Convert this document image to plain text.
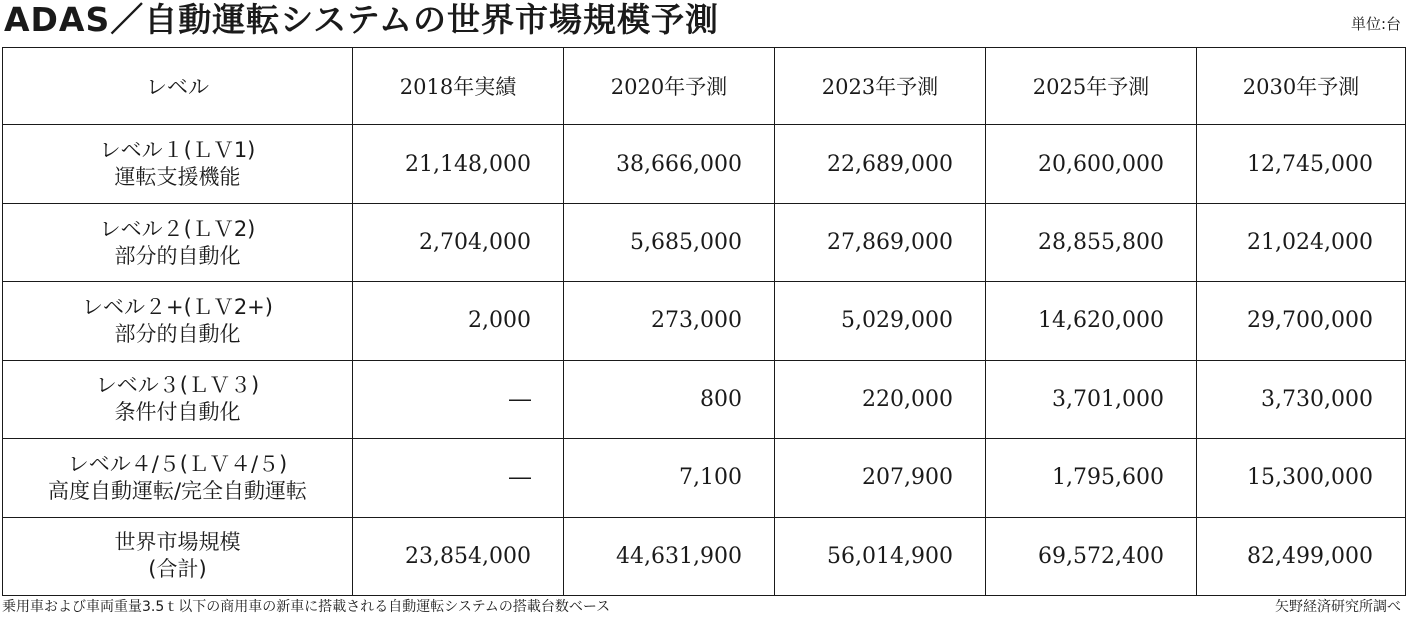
ADAS／自動運転システムの世界市場規模予測	単位:台
レベル	2018年実績	2020年予測	2023年予測	2025年予測	2030年予測

レベル１(ＬＶ1)
運転支援機能	21,148,000	38,666,000	22,689,000	20,600,000	12,745,000

レベル２(ＬＶ2)
部分的自動化	2,704,000	5,685,000	27,869,000	28,855,800	21,024,000

レベル２+(ＬＶ2+)
部分的自動化	2,000	273,000	5,029,000	14,620,000	29,700,000

レベル３(ＬＶ３)
条件付自動化	―	800	220,000	3,701,000	3,730,000

レベル４/５(ＬＶ４/５)
高度自動運転/完全自動運転	―	7,100	207,900	1,795,600	15,300,000

世界市場規模
(合計)	23,854,000	44,631,900	56,014,900	69,572,400	82,499,000
乗用車および車両重量3.5ｔ以下の商用車の新車に搭載される自動運転システムの搭載台数ベース	矢野経済研究所調べ
